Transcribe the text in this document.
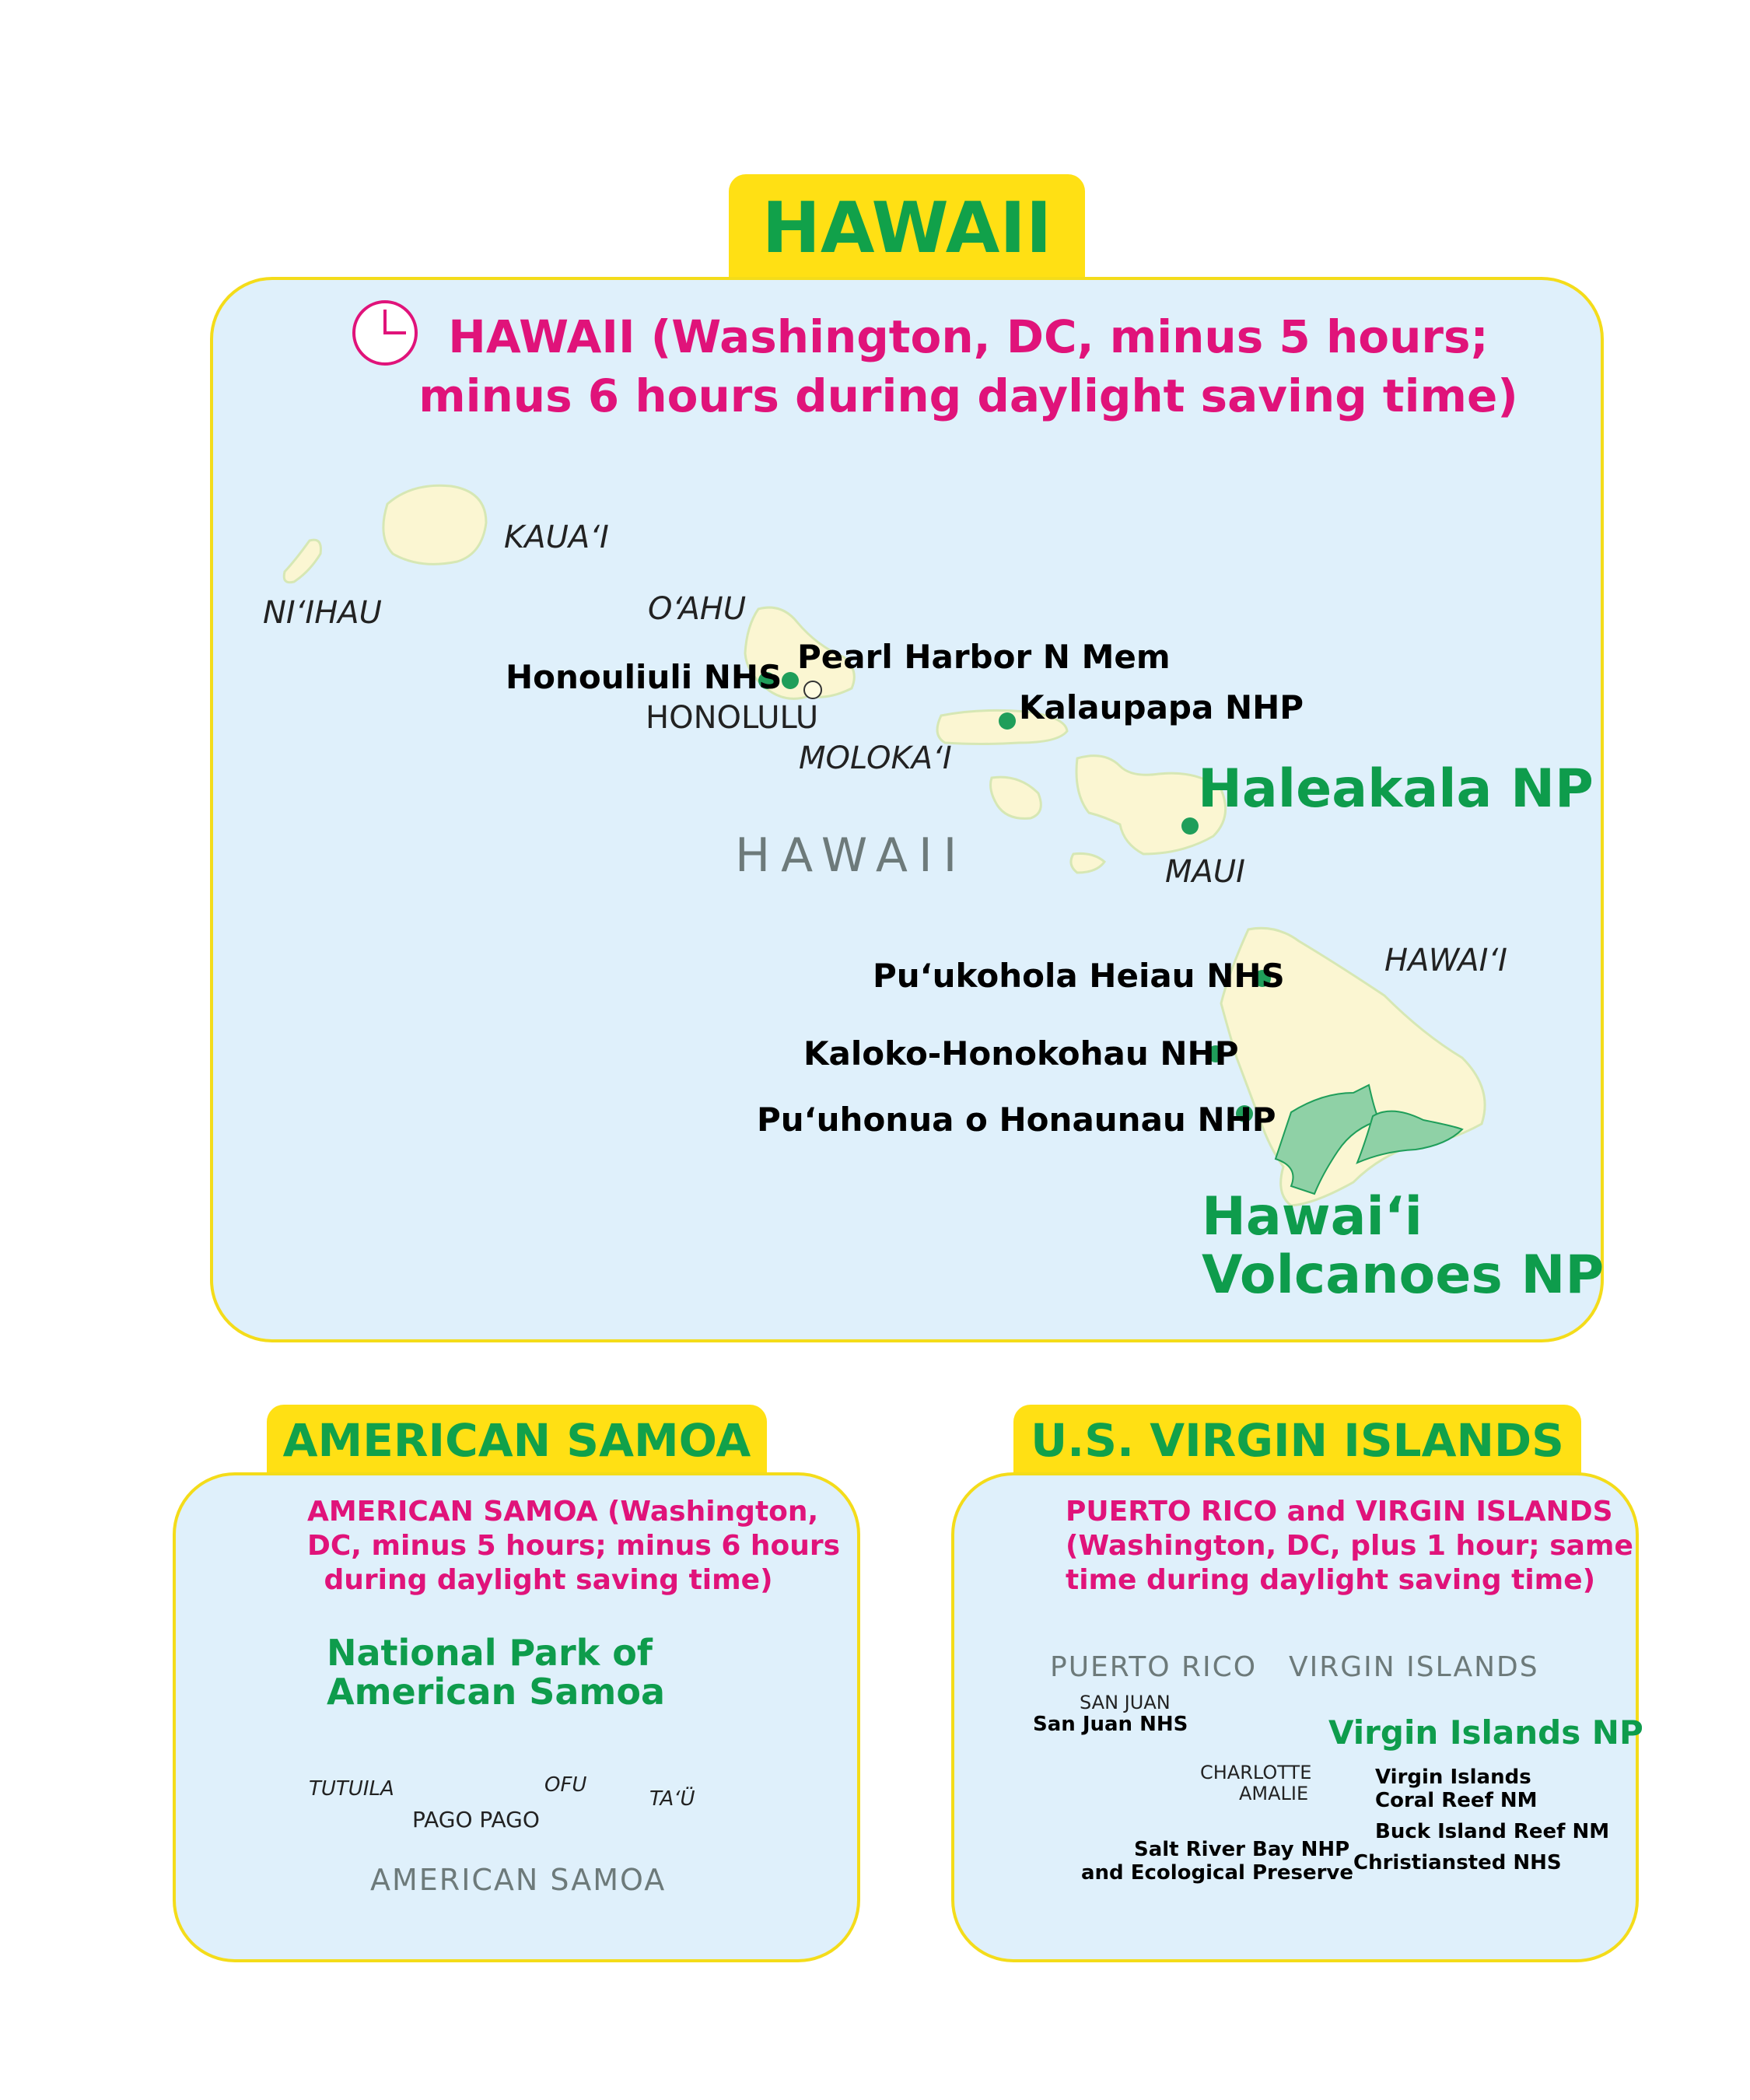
HAWAII
HAWAII (Washington, DC, minus 5 hours;
minus 6 hours during daylight saving time)
KAUA‘I
NI‘IHAU	O‘AHU
MOLOKA‘I
MAUI
HAWAI‘I
HONOLULU
HAWAII
Honouliuli NHS
Pearl Harbor N Mem
Kalaupapa NHP
Pu‘ukohola Heiau NHS
Kaloko-Honokohau NHP
Pu‘uhonua o Honaunau NHP
Haleakala NP
Hawai‘i
Volcanoes NP
AMERICAN SAMOA
AMERICAN SAMOA (Washington,
DC, minus 5 hours; minus 6 hours
during daylight saving time)
National Park of
American Samoa
TUTUILA	OFU
TA‘Ü
PAGO PAGO
AMERICAN SAMOA
U.S. VIRGIN ISLANDS
PUERTO RICO and VIRGIN ISLANDS
(Washington, DC, plus 1 hour; same
time during daylight saving time)
PUERTO RICO VIRGIN ISLANDS
SAN JUAN
San Juan NHS
CHARLOTTE
AMALIE
Virgin Islands NP
Virgin Islands
Coral Reef NM
Buck Island Reef NM
Salt River Bay NHP
and Ecological Preserve Christiansted NHS
